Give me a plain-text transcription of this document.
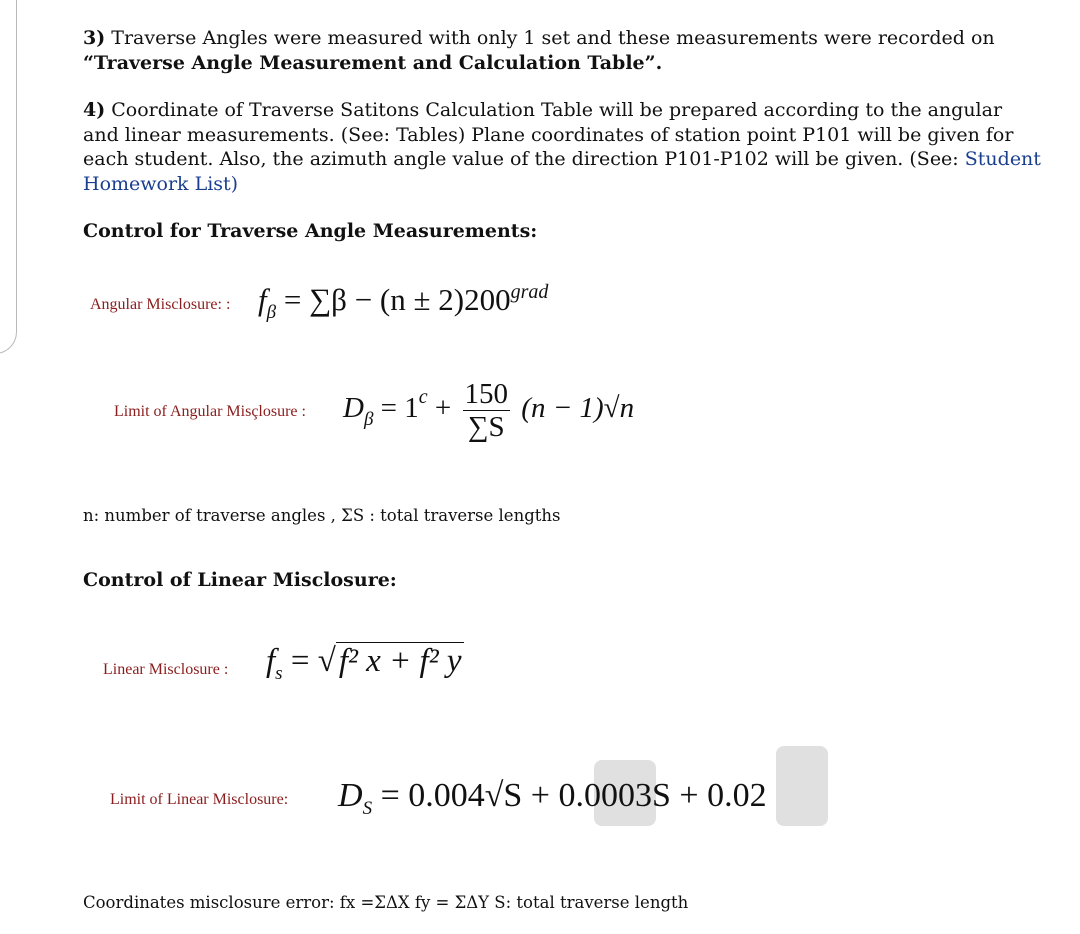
3) Traverse Angles were measured with only 1 set and these measurements were recorded on
“Traverse Angle Measurement and Calculation Table”.
4) Coordinate of Traverse Satitons Calculation Table will be prepared according to the angular and linear measurements. (See: Tables) Plane coordinates of station point P101 will be given for each student. Also, the azimuth angle value of the direction P101-P102 will be given. (See: Student Homework List)
Control for Traverse Angle Measurements:
Angular Misclosure: : $f_\beta = \sum\beta - (n \pm 2)200^{grad}$
Limit of Angular Misçlosure : $D_\beta = 1^c + \frac{150}{\sum S} (n - 1)√n$
n: number of traverse angles , ΣS : total traverse lengths
Control of Linear Misclosure:
Linear Misclosure : $f_s = √f^2$ x + f² y
Limit of Linear Misclosure: $D_S = 0.004√S + 0.0003S + 0.02$
Coordinates misclosure error: fx =ΣΔX fy = ΣΔY S: total traverse length
